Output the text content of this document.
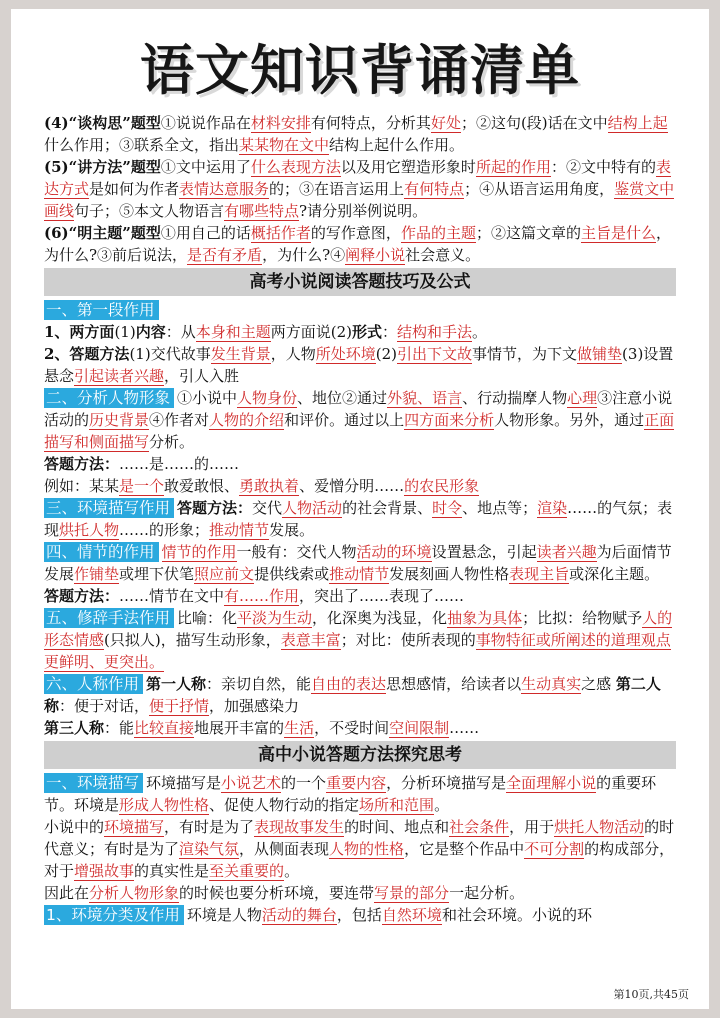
语文知识背诵清单

(4)“谈构思”题型①说说作品在材料安排有何特点，分析其好处；②这句(段)话在文中结构上起什么作用；③联系全文，指出某某物在文中结构上起什么作用。

(5)“讲方法”题型①文中运用了什么表现方法以及用它塑造形象时所起的作用：②文中特有的表达方式是如何为作者表情达意服务的；③在语言运用上有何特点；④从语言运用角度，鉴赏文中画线句子；⑤本文人物语言有哪些特点?请分别举例说明。

(6)“明主题”题型①用自己的话概括作者的写作意图，作品的主题；②这篇文章的主旨是什么，为什么?③前后说法，是否有矛盾，为什么?④阐释小说社会意义。

高考小说阅读答题技巧及公式

一、第一段作用

1、两方面(1)内容：从本身和主题两方面说(2)形式：结构和手法。

2、答题方法(1)交代故事发生背景，人物所处环境(2)引出下文故事情节，为下文做铺垫(3)设置悬念引起读者兴趣，引人入胜

二、分析人物形象 ①小说中人物身份、地位②通过外貌、语言、行动揣摩人物心理③注意小说活动的历史背景④作者对人物的介绍和评价。通过以上四方面来分析人物形象。另外，通过正面描写和侧面描写分析。

答题方法：……是……的……

例如：某某是一个敢爱敢恨、勇敢执着、爱憎分明……的农民形象

三、环境描写作用 答题方法：交代人物活动的社会背景、时令、地点等；渲染……的气氛；表现烘托人物……的形象；推动情节发展。

四、情节的作用 情节的作用一般有：交代人物活动的环境设置悬念，引起读者兴趣为后面情节发展作铺垫或埋下伏笔照应前文提供线索或推动情节发展刻画人物性格表现主旨或深化主题。

答题方法：……情节在文中有……作用，突出了……表现了……

五、修辞手法作用 比喻：化平淡为生动，化深奥为浅显，化抽象为具体；比拟：给物赋予人的形态情感(只拟人)，描写生动形象，表意丰富；对比：使所表现的事物特征或所阐述的道理观点更鲜明、更突出。

六、人称作用 第一人称：亲切自然，能自由的表达思想感情，给读者以生动真实之感 第二人称：便于对话，便于抒情，加强感染力

第三人称：能比较直接地展开丰富的生活，不受时间空间限制……

高中小说答题方法探究思考

一、环境描写 环境描写是小说艺术的一个重要内容，分析环境描写是全面理解小说的重要环节。环境是形成人物性格、促使人物行动的指定场所和范围。

小说中的环境描写，有时是为了表现故事发生的时间、地点和社会条件，用于烘托人物活动的时代意义；有时是为了渲染气氛，从侧面表现人物的性格，它是整个作品中不可分割的构成部分，对于增强故事的真实性是至关重要的。

因此在分析人物形象的时候也要分析环境，要连带写景的部分一起分析。

1、环境分类及作用 环境是人物活动的舞台，包括自然环境和社会环境。小说的环

第10页,共45页
